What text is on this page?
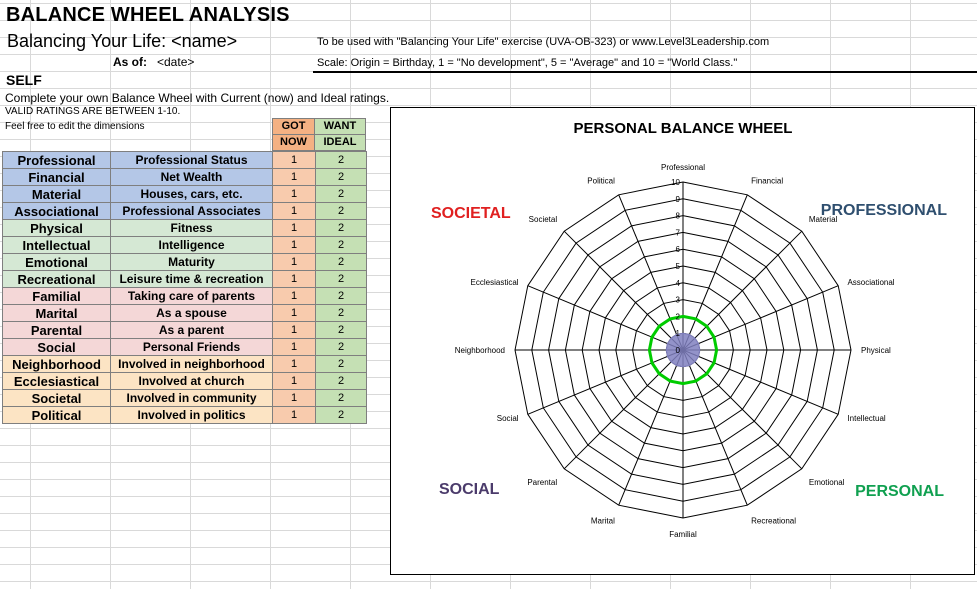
BALANCE WHEEL ANALYSIS
Balancing Your Life: <name>	To be used with "Balancing Your Life" exercise (UVA-OB-323) or www.Level3Leadership.com
As of: <date>	Scale: Origin = Birthday, 1 = "No development", 5 = "Average" and 10 = "World Class."
SELF
Complete your own Balance Wheel with Current (now) and Ideal ratings.
VALID RATINGS ARE BETWEEN 1-10.
Feel free to edit the dimensions	GOT
NOW
WANT
IDEAL
Professional	Professional Status	1	2
Financial	Net Wealth	1	2
Material	Houses, cars, etc.	1	2
Associational	Professional Associates	1	2
Physical	Fitness	1	2
Intellectual	Intelligence	1	2
Emotional	Maturity	1	2
Recreational	Leisure time & recreation	1	2
Familial	Taking care of parents	1	2
Marital	As a spouse	1	2
Parental	As a parent	1	2
Social	Personal Friends	1	2
Neighborhood	Involved in neighborhood	1	2
Ecclesiastical	Involved at church	1	2
Societal	Involved in community	1	2
Political	Involved in politics	1	2
PERSONAL BALANCE WHEEL
0
1
2
3
4
5
6
7
8
9
10
Professional
Financial
Material
Associational
Physical
Intellectual
Emotional
Recreational
Familial
Marital
Parental
Social
Neighborhood
Ecclesiastical
Societal
Political
SOCIETAL	PROFESSIONAL
SOCIAL	PERSONAL
